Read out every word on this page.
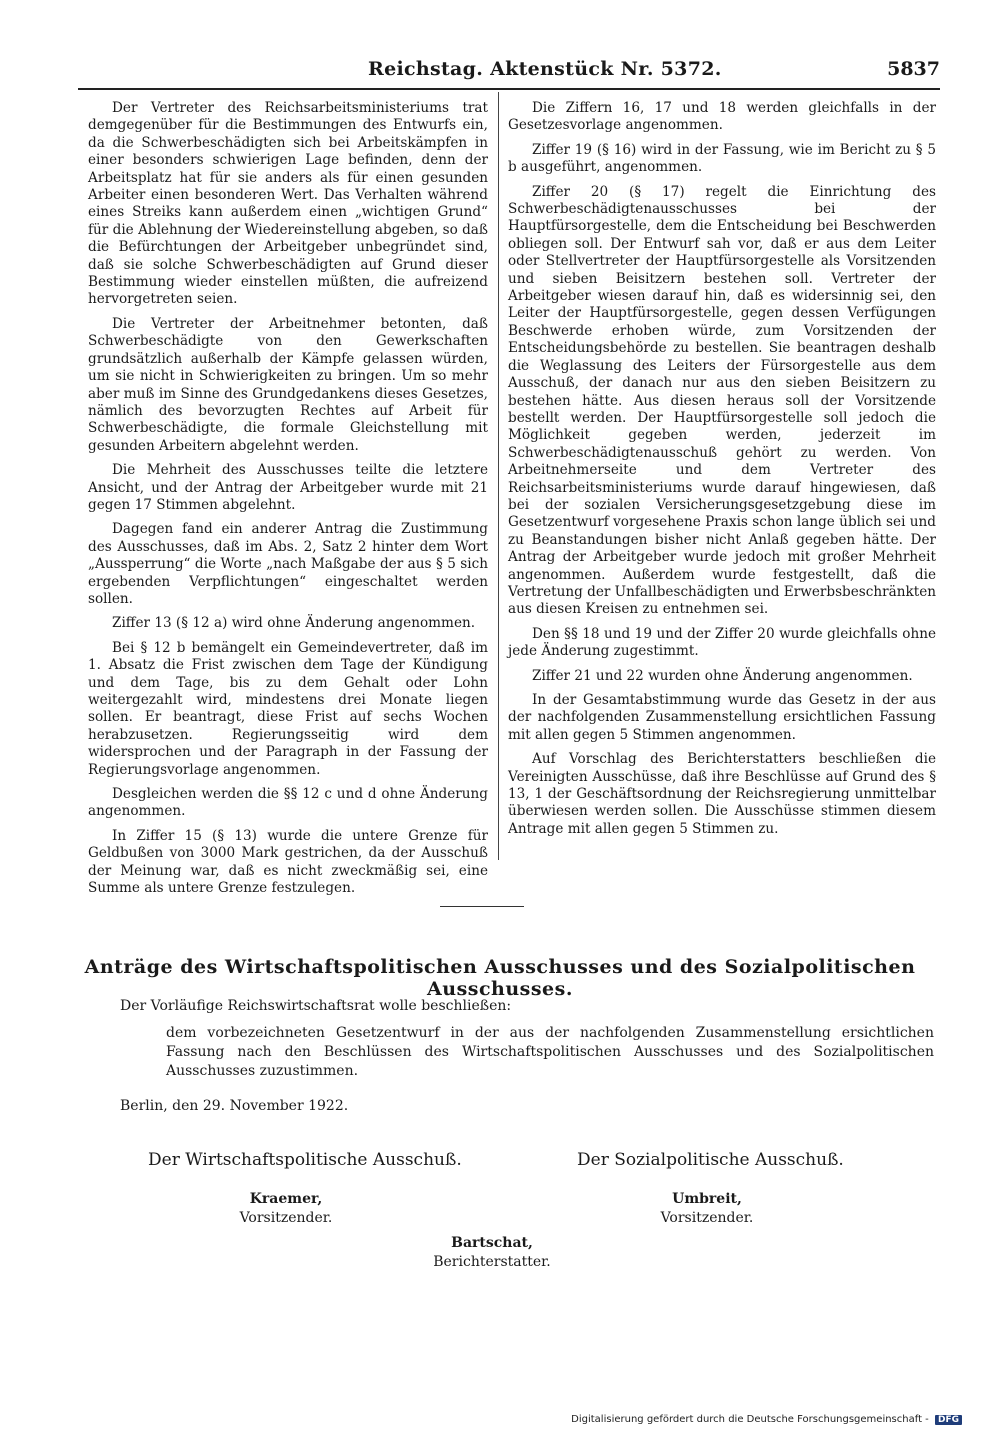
Reichstag. Aktenstück Nr. 5372.	5837

Der Vertreter des Reichsarbeitsministeriums trat demgegenüber für die Bestimmungen des Entwurfs ein, da die Schwerbeschädigten sich bei Arbeitskämpfen in einer besonders schwierigen Lage befinden, denn der Arbeitsplatz hat für sie anders als für einen gesunden Arbeiter einen besonderen Wert. Das Verhalten während eines Streiks kann außerdem einen „wichtigen Grund“ für die Ablehnung der Wiedereinstellung abgeben, so daß die Befürchtungen der Arbeitgeber unbegründet sind, daß sie solche Schwerbeschädigten auf Grund dieser Bestimmung wieder einstellen müßten, die aufreizend hervorgetreten seien.

Die Vertreter der Arbeitnehmer betonten, daß Schwerbeschädigte von den Gewerkschaften grundsätzlich außerhalb der Kämpfe gelassen würden, um sie nicht in Schwierigkeiten zu bringen. Um so mehr aber muß im Sinne des Grundgedankens dieses Gesetzes, nämlich des bevorzugten Rechtes auf Arbeit für Schwerbeschädigte, die formale Gleichstellung mit gesunden Arbeitern abgelehnt werden.

Die Mehrheit des Ausschusses teilte die letztere Ansicht, und der Antrag der Arbeitgeber wurde mit 21 gegen 17 Stimmen abgelehnt.

Dagegen fand ein anderer Antrag die Zustimmung des Ausschusses, daß im Abs. 2, Satz 2 hinter dem Wort „Aussperrung“ die Worte „nach Maßgabe der aus § 5 sich ergebenden Verpflichtungen“ eingeschaltet werden sollen.

Ziffer 13 (§ 12 a) wird ohne Änderung angenommen.

Bei § 12 b bemängelt ein Gemeindevertreter, daß im 1. Absatz die Frist zwischen dem Tage der Kündigung und dem Tage, bis zu dem Gehalt oder Lohn weitergezahlt wird, mindestens drei Monate liegen sollen. Er beantragt, diese Frist auf sechs Wochen herabzusetzen. Regierungsseitig wird dem widersprochen und der Paragraph in der Fassung der Regierungsvorlage angenommen.

Desgleichen werden die §§ 12 c und d ohne Änderung angenommen.

In Ziffer 15 (§ 13) wurde die untere Grenze für Geldbußen von 3000 Mark gestrichen, da der Ausschuß der Meinung war, daß es nicht zweckmäßig sei, eine Summe als untere Grenze festzulegen.

Die Ziffern 16, 17 und 18 werden gleichfalls in der Gesetzesvorlage angenommen.

Ziffer 19 (§ 16) wird in der Fassung, wie im Bericht zu § 5 b ausgeführt, angenommen.

Ziffer 20 (§ 17) regelt die Einrichtung des Schwerbeschädigtenausschusses bei der Hauptfürsorgestelle, dem die Entscheidung bei Beschwerden obliegen soll. Der Entwurf sah vor, daß er aus dem Leiter oder Stellvertreter der Hauptfürsorgestelle als Vorsitzenden und sieben Beisitzern bestehen soll. Vertreter der Arbeitgeber wiesen darauf hin, daß es widersinnig sei, den Leiter der Hauptfürsorgestelle, gegen dessen Verfügungen Beschwerde erhoben würde, zum Vorsitzenden der Entscheidungsbehörde zu bestellen. Sie beantragen deshalb die Weglassung des Leiters der Fürsorgestelle aus dem Ausschuß, der danach nur aus den sieben Beisitzern zu bestehen hätte. Aus diesen heraus soll der Vorsitzende bestellt werden. Der Hauptfürsorgestelle soll jedoch die Möglichkeit gegeben werden, jederzeit im Schwerbeschädigtenausschuß gehört zu werden. Von Arbeitnehmerseite und dem Vertreter des Reichsarbeitsministeriums wurde darauf hingewiesen, daß bei der sozialen Versicherungsgesetzgebung diese im Gesetzentwurf vorgesehene Praxis schon lange üblich sei und zu Beanstandungen bisher nicht Anlaß gegeben hätte. Der Antrag der Arbeitgeber wurde jedoch mit großer Mehrheit angenommen. Außerdem wurde festgestellt, daß die Vertretung der Unfallbeschädigten und Erwerbsbeschränkten aus diesen Kreisen zu entnehmen sei.

Den §§ 18 und 19 und der Ziffer 20 wurde gleichfalls ohne jede Änderung zugestimmt.

Ziffer 21 und 22 wurden ohne Änderung angenommen.

In der Gesamtabstimmung wurde das Gesetz in der aus der nachfolgenden Zusammenstellung ersichtlichen Fassung mit allen gegen 5 Stimmen angenommen.

Auf Vorschlag des Berichterstatters beschließen die Vereinigten Ausschüsse, daß ihre Beschlüsse auf Grund des § 13, 1 der Geschäftsordnung der Reichsregierung unmittelbar überwiesen werden sollen. Die Ausschüsse stimmen diesem Antrage mit allen gegen 5 Stimmen zu.

Anträge des Wirtschaftspolitischen Ausschusses und des Sozialpolitischen Ausschusses.
Der Vorläufige Reichswirtschaftsrat wolle beschließen:
dem vorbezeichneten Gesetzentwurf in der aus der nachfolgenden Zusammenstellung ersichtlichen Fassung nach den Beschlüssen des Wirtschaftspolitischen Ausschusses und des Sozialpolitischen Ausschusses zuzustimmen.
Berlin, den 29. November 1922.
Der Wirtschaftspolitische Ausschuß.	Der Sozialpolitische Ausschuß.
Kraemer,
Vorsitzender.
Umbreit,
Vorsitzender.
Bartschat,
Berichterstatter.
Digitalisierung gefördert durch die Deutsche Forschungsgemeinschaft - DFG
